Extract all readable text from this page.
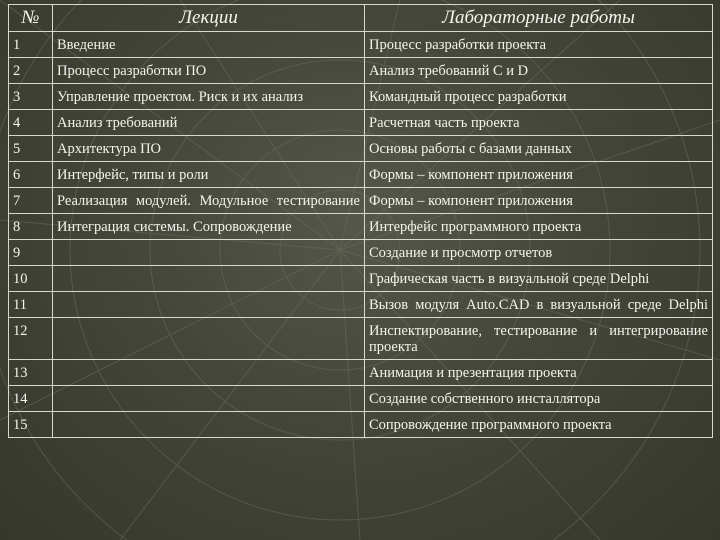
№	Лекции	Лабораторные работы
1	Введение	Процесс разработки проекта
2	Процесс разработки ПО	Анализ требований С и D
3	Управление проектом. Риск и их анализ	Командный процесс разработки
4	Анализ требований	Расчетная часть проекта
5	Архитектура ПО	Основы работы с базами данных
6	Интерфейс, типы и роли	Формы – компонент приложения
7	Реализация модулей. Модульное тестирование	Формы – компонент приложения
8	Интеграция системы. Сопровождение	Интерфейс программного проекта
9		Создание и просмотр отчетов
10		Графическая часть в визуальной среде Delphi
11		Вызов модуля Auto.CAD в визуальной среде Delphi
12		Инспектирование, тестирование и интегрирование проекта
13		Анимация и презентация проекта
14		Создание собственного инсталлятора
15		Сопровождение программного проекта
